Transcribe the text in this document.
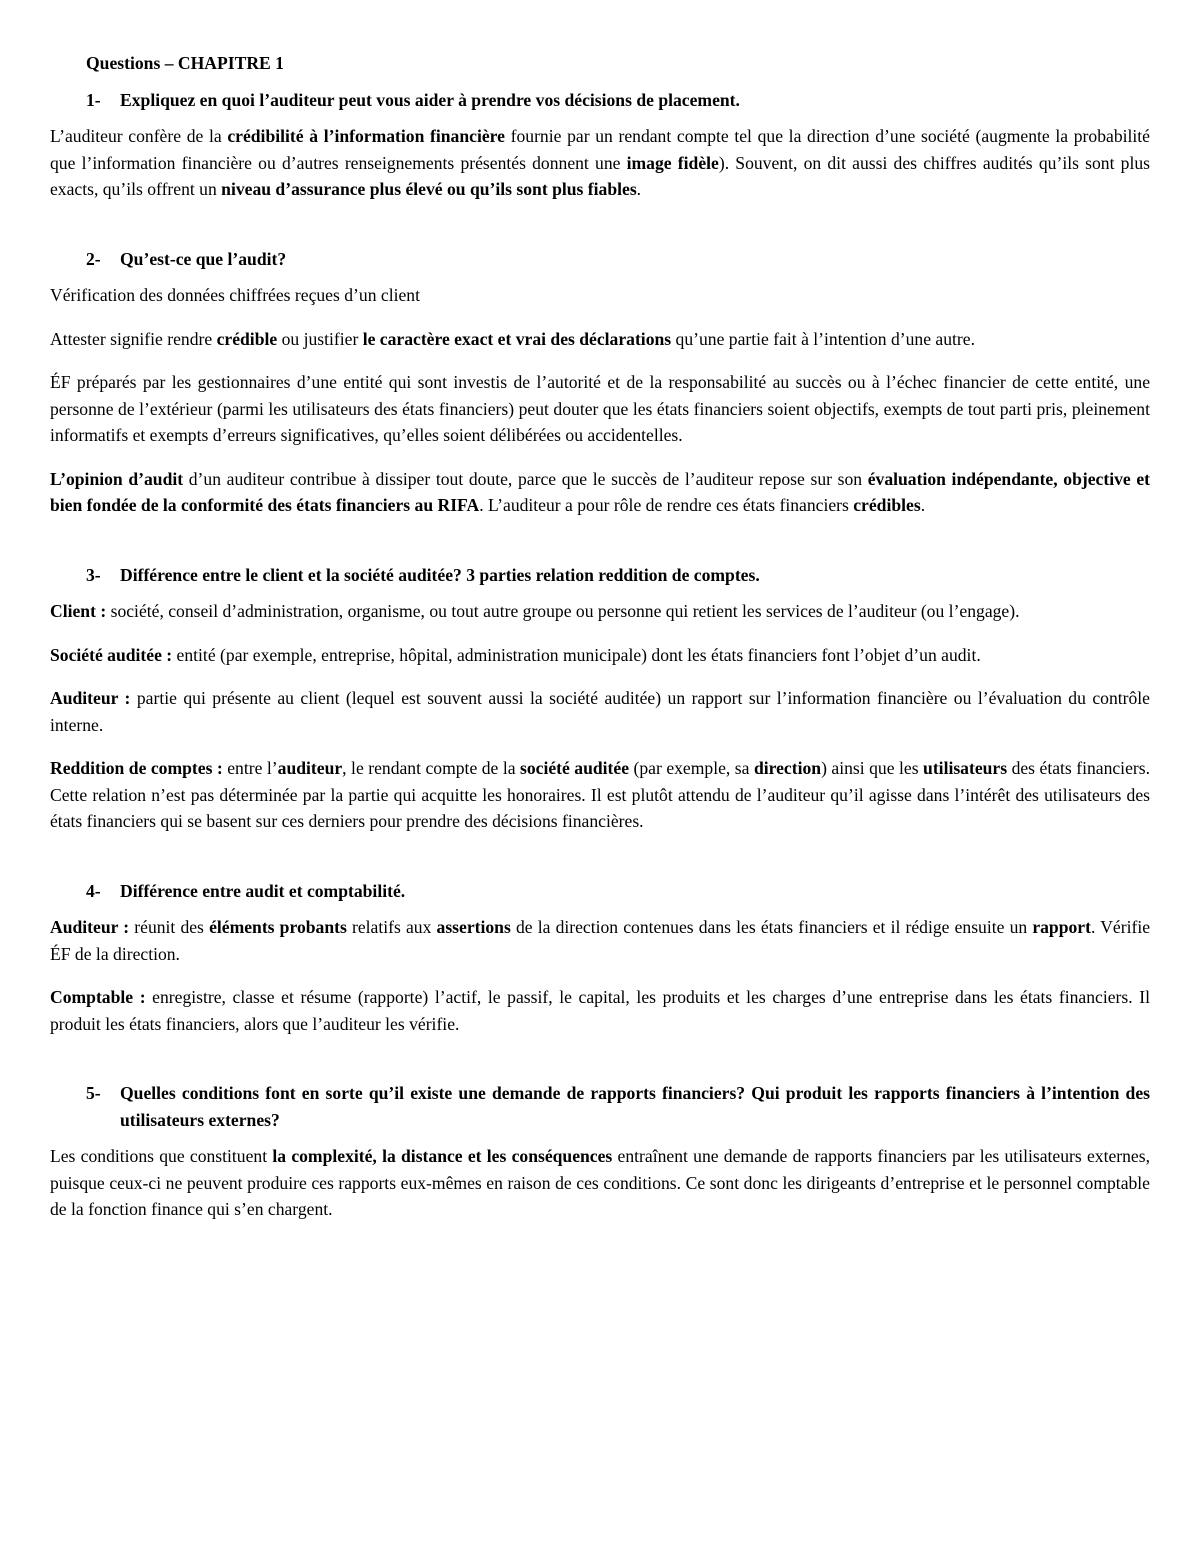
Questions – CHAPITRE 1
1-	Expliquez en quoi l’auditeur peut vous aider à prendre vos décisions de placement.
L’auditeur confère de la crédibilité à l’information financière fournie par un rendant compte tel que la direction d’une société (augmente la probabilité que l’information financière ou d’autres renseignements présentés donnent une image fidèle). Souvent, on dit aussi des chiffres audités qu’ils sont plus exacts, qu’ils offrent un niveau d’assurance plus élevé ou qu’ils sont plus fiables.
2-	Qu’est-ce que l’audit?
Vérification des données chiffrées reçues d’un client
Attester signifie rendre crédible ou justifier le caractère exact et vrai des déclarations qu’une partie fait à l’intention d’une autre.
ÉF préparés par les gestionnaires d’une entité qui sont investis de l’autorité et de la responsabilité au succès ou à l’échec financier de cette entité, une personne de l’extérieur (parmi les utilisateurs des états financiers) peut douter que les états financiers soient objectifs, exempts de tout parti pris, pleinement informatifs et exempts d’erreurs significatives, qu’elles soient délibérées ou accidentelles.
L’opinion d’audit d’un auditeur contribue à dissiper tout doute, parce que le succès de l’auditeur repose sur son évaluation indépendante, objective et bien fondée de la conformité des états financiers au RIFA. L’auditeur a pour rôle de rendre ces états financiers crédibles.
3-	Différence entre le client et la société auditée? 3 parties relation reddition de comptes.
Client : société, conseil d’administration, organisme, ou tout autre groupe ou personne qui retient les services de l’auditeur (ou l’engage).
Société auditée : entité (par exemple, entreprise, hôpital, administration municipale) dont les états financiers font l’objet d’un audit.
Auditeur : partie qui présente au client (lequel est souvent aussi la société auditée) un rapport sur l’information financière ou l’évaluation du contrôle interne.
Reddition de comptes : entre l’auditeur, le rendant compte de la société auditée (par exemple, sa direction) ainsi que les utilisateurs des états financiers. Cette relation n’est pas déterminée par la partie qui acquitte les honoraires. Il est plutôt attendu de l’auditeur qu’il agisse dans l’intérêt des utilisateurs des états financiers qui se basent sur ces derniers pour prendre des décisions financières.
4-	Différence entre audit et comptabilité.
Auditeur : réunit des éléments probants relatifs aux assertions de la direction contenues dans les états financiers et il rédige ensuite un rapport. Vérifie ÉF de la direction.
Comptable : enregistre, classe et résume (rapporte) l’actif, le passif, le capital, les produits et les charges d’une entreprise dans les états financiers. Il produit les états financiers, alors que l’auditeur les vérifie.
5-	Quelles conditions font en sorte qu’il existe une demande de rapports financiers? Qui produit les rapports financiers à l’intention des utilisateurs externes?
Les conditions que constituent la complexité, la distance et les conséquences entraînent une demande de rapports financiers par les utilisateurs externes, puisque ceux-ci ne peuvent produire ces rapports eux-mêmes en raison de ces conditions. Ce sont donc les dirigeants d’entreprise et le personnel comptable de la fonction finance qui s’en chargent.
